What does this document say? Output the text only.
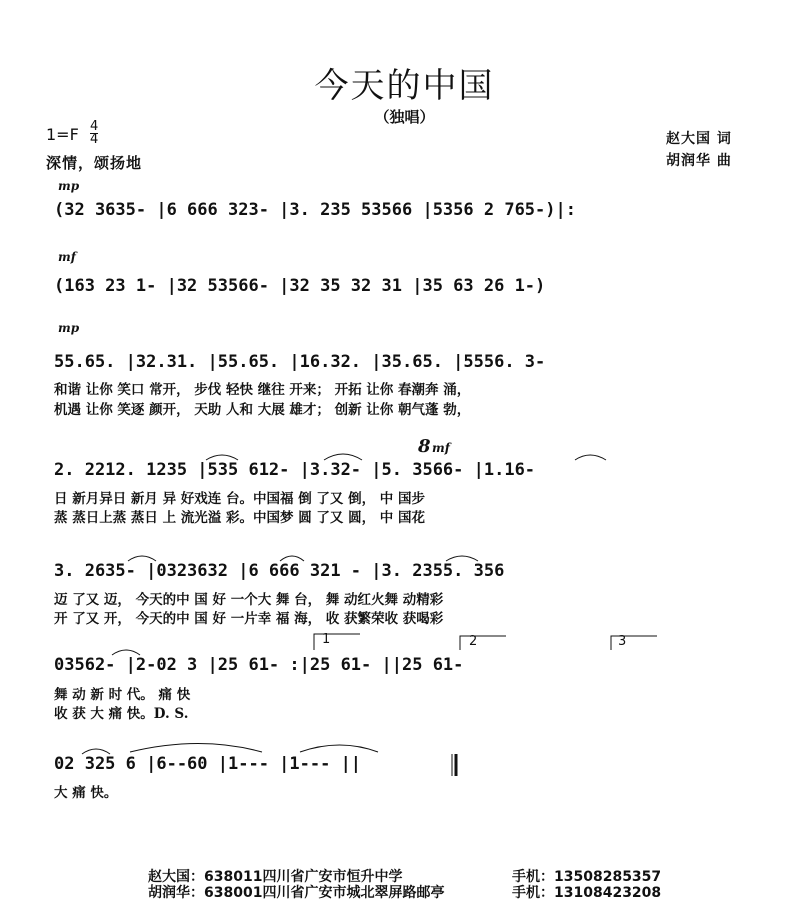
今天的中国
（独唱）
$1=F \frac{4}{4}$
深情，颂扬地
赵大国 词
胡润华 曲
mp
mf
mp
8 mf
(32 3635- |6 666 323- |3. 235 53566 |5356 2 765-)|:
(163 23 1- |32 53566- |32 35 32 31 |35 63 26 1-)
55.65. |32.31. |55.65. |16.32. |35.65. |5556. 3-
和谐 让你 笑口 常开， 步伐 轻快 继往 开来； 开拓 让你 春潮奔 涌，
机遇 让你 笑逐 颜开， 天助 人和 大展 雄才； 创新 让你 朝气蓬 勃，
2. 2212. 1235 |535 612- |3.32- |5. 3566- |1.16-
日 新月异日 新月 异 好戏连 台。中国福 倒 了又 倒， 中 国步
蒸 蒸日上蒸 蒸日 上 流光溢 彩。中国梦 圆 了又 圆， 中 国花
3. 2635- |0323632 |6 666 321 - |3. 2355. 356
迈 了又 迈， 今天的中 国 好 一个大 舞 台， 舞 动红火舞 动精彩
开 了又 开， 今天的中 国 好 一片幸 福 海， 收 获繁荣收 获喝彩
03562- |2-02 3 |25 61- :|25 61- ||25 61-
舞 动 新 时 代。 痛 快
收 获 大 痛 快。D. S.
02 325 6 |6--60 |1--- |1--- ||
大 痛 快。
1	2	3
赵大国：638011四川省广安市恒升中学	手机：13508285357
胡润华：638001四川省广安市城北翠屏路邮亭	手机：13108423208
